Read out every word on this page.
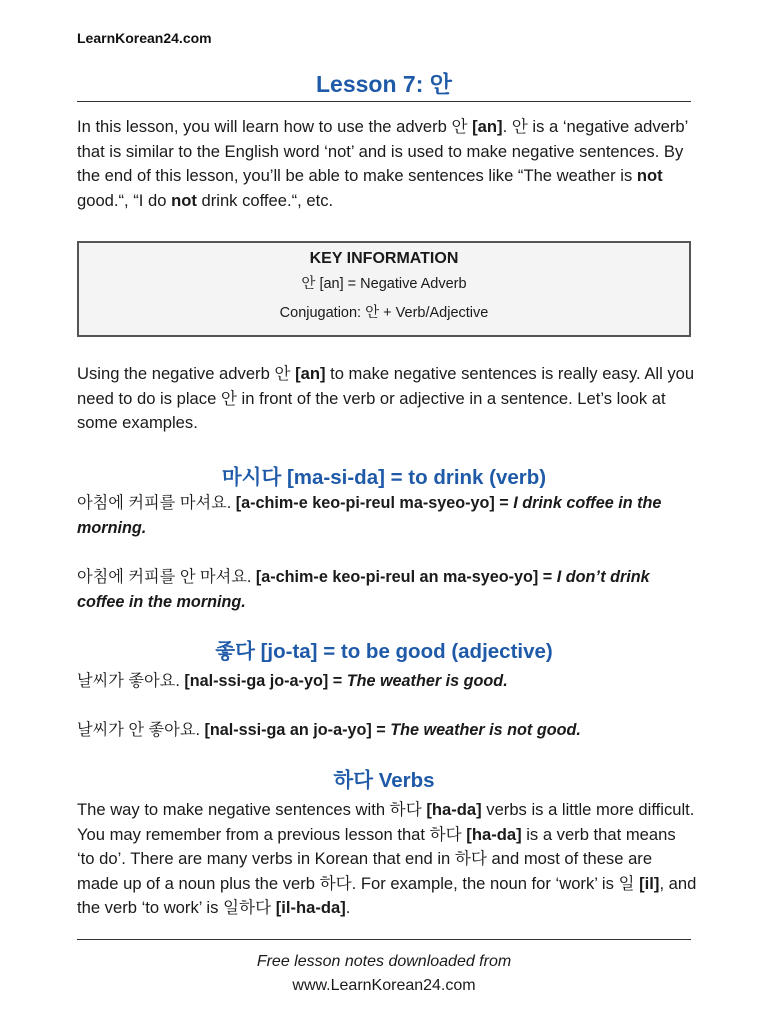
LearnKorean24.com
Lesson 7: 안
In this lesson, you will learn how to use the adverb 안 [an]. 안 is a ‘negative adverb’ that is similar to the English word ‘not’ and is used to make negative sentences. By the end of this lesson, you’ll be able to make sentences like “The weather is not good.“, “I do not drink coffee.“, etc.
KEY INFORMATION
안 [an] = Negative Adverb
Conjugation: 안 + Verb/Adjective
Using the negative adverb 안 [an] to make negative sentences is really easy. All you need to do is place 안 in front of the verb or adjective in a sentence. Let’s look at some examples.
마시다 [ma-si-da] = to drink (verb)
아침에 커피를 마셔요. [a-chim-e keo-pi-reul ma-syeo-yo] = I drink coffee in the morning.
아침에 커피를 안 마셔요. [a-chim-e keo-pi-reul an ma-syeo-yo] = I don’t drink coffee in the morning.
좋다 [jo-ta] = to be good (adjective)
날씨가 좋아요. [nal-ssi-ga jo-a-yo] = The weather is good.
날씨가 안 좋아요. [nal-ssi-ga an jo-a-yo] = The weather is not good.
하다 Verbs
The way to make negative sentences with 하다 [ha-da] verbs is a little more difficult. You may remember from a previous lesson that 하다 [ha-da] is a verb that means ‘to do’. There are many verbs in Korean that end in 하다 and most of these are made up of a noun plus the verb 하다. For example, the noun for ‘work’ is 일 [il], and the verb ‘to work’ is 일하다 [il-ha-da].
Free lesson notes downloaded from
www.LearnKorean24.com
